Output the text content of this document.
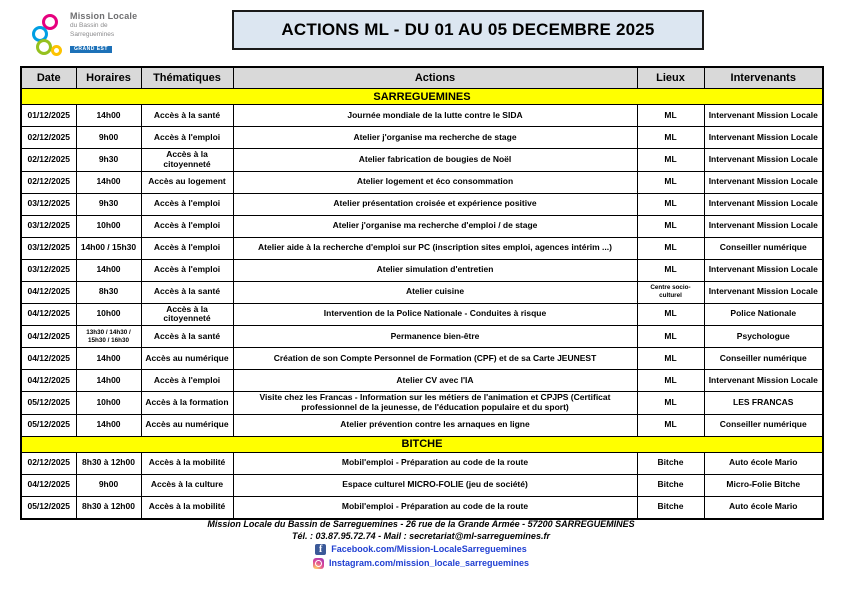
Mission Locale
du Bassin de
Sarreguemines
GRAND EST
ACTIONS ML - DU 01 AU 05 DECEMBRE 2025
Date	Horaires	Thématiques	Actions	Lieux	Intervenants
SARREGUEMINES					
01/12/2025	14h00	Accès à la santé	Journée mondiale de la lutte contre le SIDA	ML	Intervenant Mission Locale
02/12/2025	9h00	Accès à l'emploi	Atelier j'organise ma recherche de stage	ML	Intervenant Mission Locale
02/12/2025	9h30	Accès à la citoyenneté	Atelier fabrication de bougies de Noël	ML	Intervenant Mission Locale
02/12/2025	14h00	Accès au logement	Atelier logement et éco consommation	ML	Intervenant Mission Locale
03/12/2025	9h30	Accès à l'emploi	Atelier présentation croisée et expérience positive	ML	Intervenant Mission Locale
03/12/2025	10h00	Accès à l'emploi	Atelier j'organise ma recherche d'emploi / de stage	ML	Intervenant Mission Locale
03/12/2025	14h00 / 15h30	Accès à l'emploi	Atelier aide à la recherche d'emploi sur PC (inscription sites emploi, agences intérim ...)	ML	Conseiller numérique
03/12/2025	14h00	Accès à l'emploi	Atelier simulation d'entretien	ML	Intervenant Mission Locale
04/12/2025	8h30	Accès à la santé	Atelier cuisine	Centre socio-culturel	Intervenant Mission Locale
04/12/2025	10h00	Accès à la citoyenneté	Intervention de la Police Nationale - Conduites à risque	ML	Police Nationale
04/12/2025	13h30 / 14h30 / 15h30 / 16h30	Accès à la santé	Permanence bien-être	ML	Psychologue
04/12/2025	14h00	Accès au numérique	Création de son Compte Personnel de Formation (CPF) et de sa Carte JEUNEST	ML	Conseiller numérique
04/12/2025	14h00	Accès à l'emploi	Atelier CV avec l'IA	ML	Intervenant Mission Locale
05/12/2025	10h00	Accès à la formation	Visite chez les Francas - Information sur les métiers de l'animation et CPJPS (Certificat professionnel de la jeunesse, de l'éducation populaire et du sport)	ML	LES FRANCAS
05/12/2025	14h00	Accès au numérique	Atelier prévention contre les arnaques en ligne	ML	Conseiller numérique
BITCHE					
02/12/2025	8h30 à 12h00	Accès à la mobilité	Mobil'emploi - Préparation au code de la route	Bitche	Auto école Mario
04/12/2025	9h00	Accès à la culture	Espace culturel MICRO-FOLIE (jeu de société)	Bitche	Micro-Folie Bitche
05/12/2025	8h30 à 12h00	Accès à la mobilité	Mobil'emploi - Préparation au code de la route	Bitche	Auto école Mario
Mission Locale du Bassin de Sarreguemines - 26 rue de la Grande Armée - 57200 SARREGUEMINES
Tél. : 03.87.95.72.74 - Mail : secretariat@ml-sarreguemines.fr
f Facebook.com/Mission-LocaleSarreguemines
Instagram.com/mission_locale_sarreguemines
